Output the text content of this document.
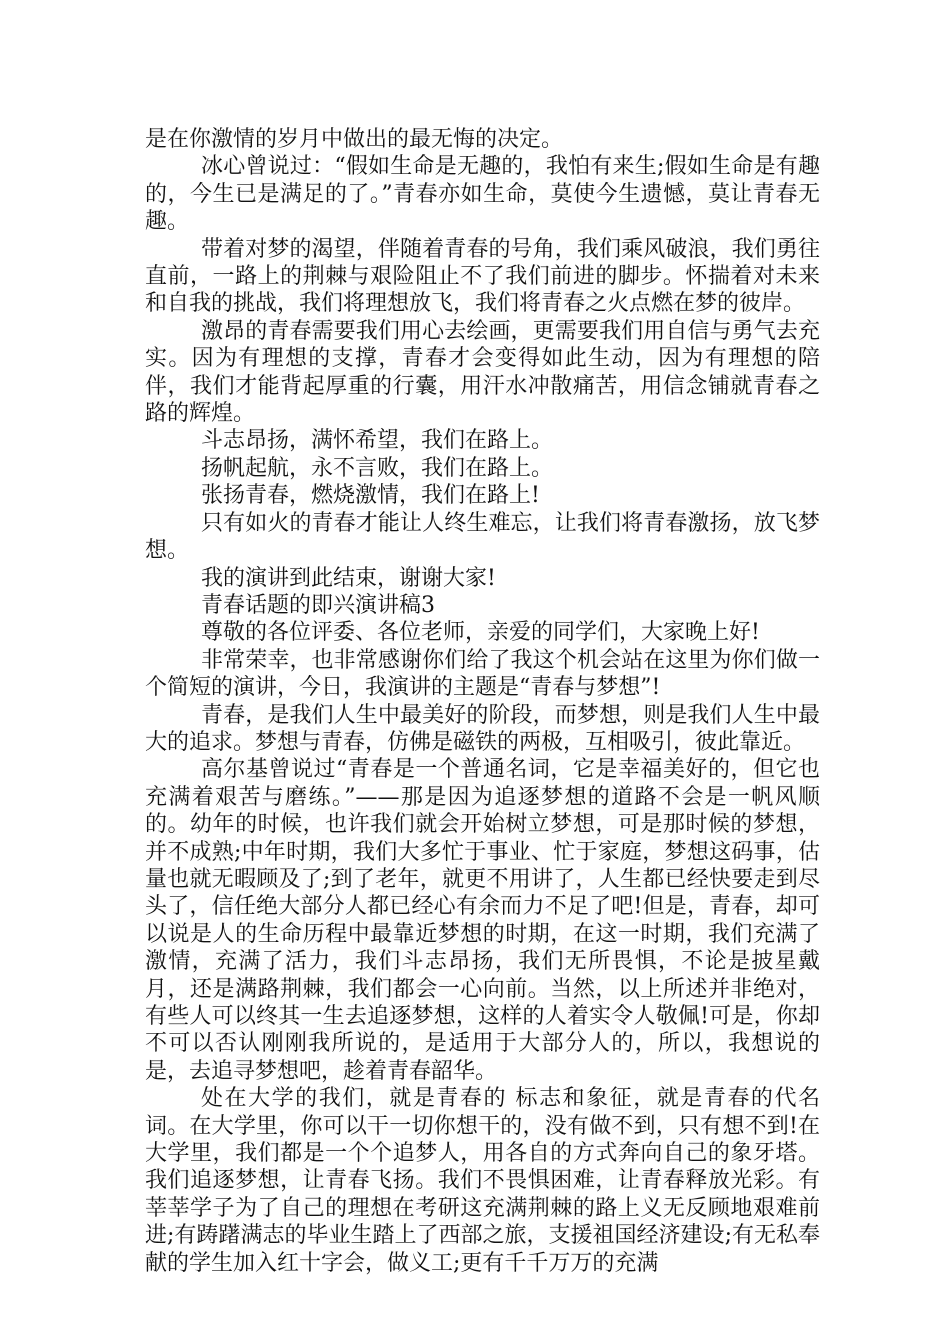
是在你激情的岁月中做出的最无悔的决定。

冰心曾说过：“假如生命是无趣的，我怕有来生;假如生命是有趣的，今生已是满足的了。”青春亦如生命，莫使今生遗憾，莫让青春无趣。

带着对梦的渴望，伴随着青春的号角，我们乘风破浪，我们勇往直前，一路上的荆棘与艰险阻止不了我们前进的脚步。怀揣着对未来和自我的挑战，我们将理想放飞，我们将青春之火点燃在梦的彼岸。

激昂的青春需要我们用心去绘画，更需要我们用自信与勇气去充实。因为有理想的支撑，青春才会变得如此生动，因为有理想的陪伴，我们才能背起厚重的行囊，用汗水冲散痛苦，用信念铺就青春之路的辉煌。

斗志昂扬，满怀希望，我们在路上。

扬帆起航，永不言败，我们在路上。

张扬青春，燃烧激情，我们在路上!

只有如火的青春才能让人终生难忘，让我们将青春激扬，放飞梦想。

我的演讲到此结束，谢谢大家!

青春话题的即兴演讲稿3

尊敬的各位评委、各位老师，亲爱的同学们，大家晚上好!

非常荣幸，也非常感谢你们给了我这个机会站在这里为你们做一个简短的演讲，今日，我演讲的主题是“青春与梦想”!

青春，是我们人生中最美好的阶段，而梦想，则是我们人生中最大的追求。梦想与青春，仿佛是磁铁的两极，互相吸引，彼此靠近。

高尔基曾说过“青春是一个普通名词，它是幸福美好的，但它也充满着艰苦与磨练。”——那是因为追逐梦想的道路不会是一帆风顺的。幼年的时候，也许我们就会开始树立梦想，可是那时候的梦想，并不成熟;中年时期，我们大多忙于事业、忙于家庭，梦想这码事，估量也就无暇顾及了;到了老年，就更不用讲了，人生都已经快要走到尽头了，信任绝大部分人都已经心有余而力不足了吧!但是，青春，却可以说是人的生命历程中最靠近梦想的时期，在这一时期，我们充满了激情，充满了活力，我们斗志昂扬，我们无所畏惧，不论是披星戴月，还是满路荆棘，我们都会一心向前。当然，以上所述并非绝对，有些人可以终其一生去追逐梦想，这样的人着实令人敬佩!可是，你却不可以否认刚刚我所说的，是适用于大部分人的，所以，我想说的是，去追寻梦想吧，趁着青春韶华。

处在大学的我们，就是青春的 标志和象征，就是青春的代名词。在大学里，你可以干一切你想干的，没有做不到，只有想不到!在大学里，我们都是一个个追梦人，用各自的方式奔向自己的象牙塔。我们追逐梦想，让青春飞扬。我们不畏惧困难，让青春释放光彩。有莘莘学子为了自己的理想在考研这充满荆棘的路上义无反顾地艰难前进;有踌躇满志的毕业生踏上了西部之旅，支援祖国经济建设;有无私奉献的学生加入红十字会，做义工;更有千千万万的充满
